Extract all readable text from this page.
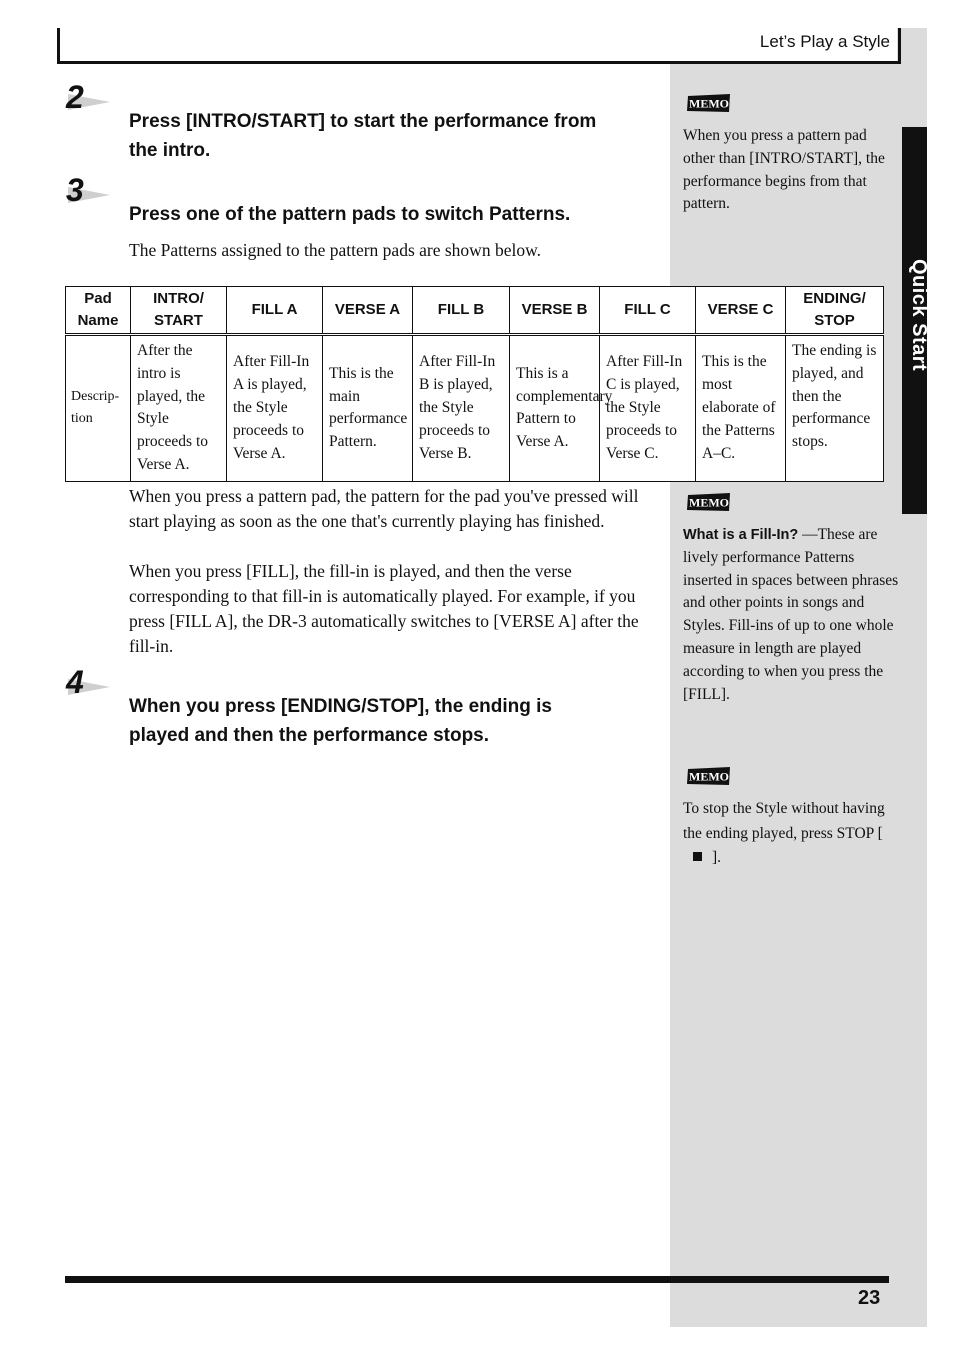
Let’s Play a Style
Quick Start
2
Press [INTRO/START] to start the performance from
the intro.
3
Press one of the pattern pads to switch Patterns.
The Patterns assigned to the pattern pads are shown below.
Pad Name	INTRO/ START	FILL A	VERSE A	FILL B	VERSE B	FILL C	VERSE C	ENDING/ STOP
Descrip-tion	After the intro is played, the Style proceeds to Verse A.	After Fill-In A is played, the Style proceeds to Verse A.	This is the main performance Pattern.	After Fill-In B is played, the Style proceeds to Verse B.	This is a complementary Pattern to Verse A.	After Fill-In C is played, the Style proceeds to Verse C.	This is the most elaborate of the Patterns A–C.	The ending is played, and then the performance stops.
When you press a pattern pad, the pattern for the pad you've pressed will start playing as soon as the one that's currently playing has finished.
When you press [FILL], the fill-in is played, and then the verse corresponding to that fill-in is automatically played. For example, if you press [FILL A], the DR-3 automatically switches to [VERSE A] after the fill-in.
4
When you press [ENDING/STOP], the ending is
played and then the performance stops.
MEMO
When you press a pattern pad other than [INTRO/START], the performance begins from that pattern.
MEMO
What is a Fill-In? —These are lively performance Patterns inserted in spaces between phrases and other points in songs and Styles. Fill-ins of up to one whole measure in length are played according to when you press the [FILL].
MEMO
To stop the Style without having the ending played, press STOP [].
23
